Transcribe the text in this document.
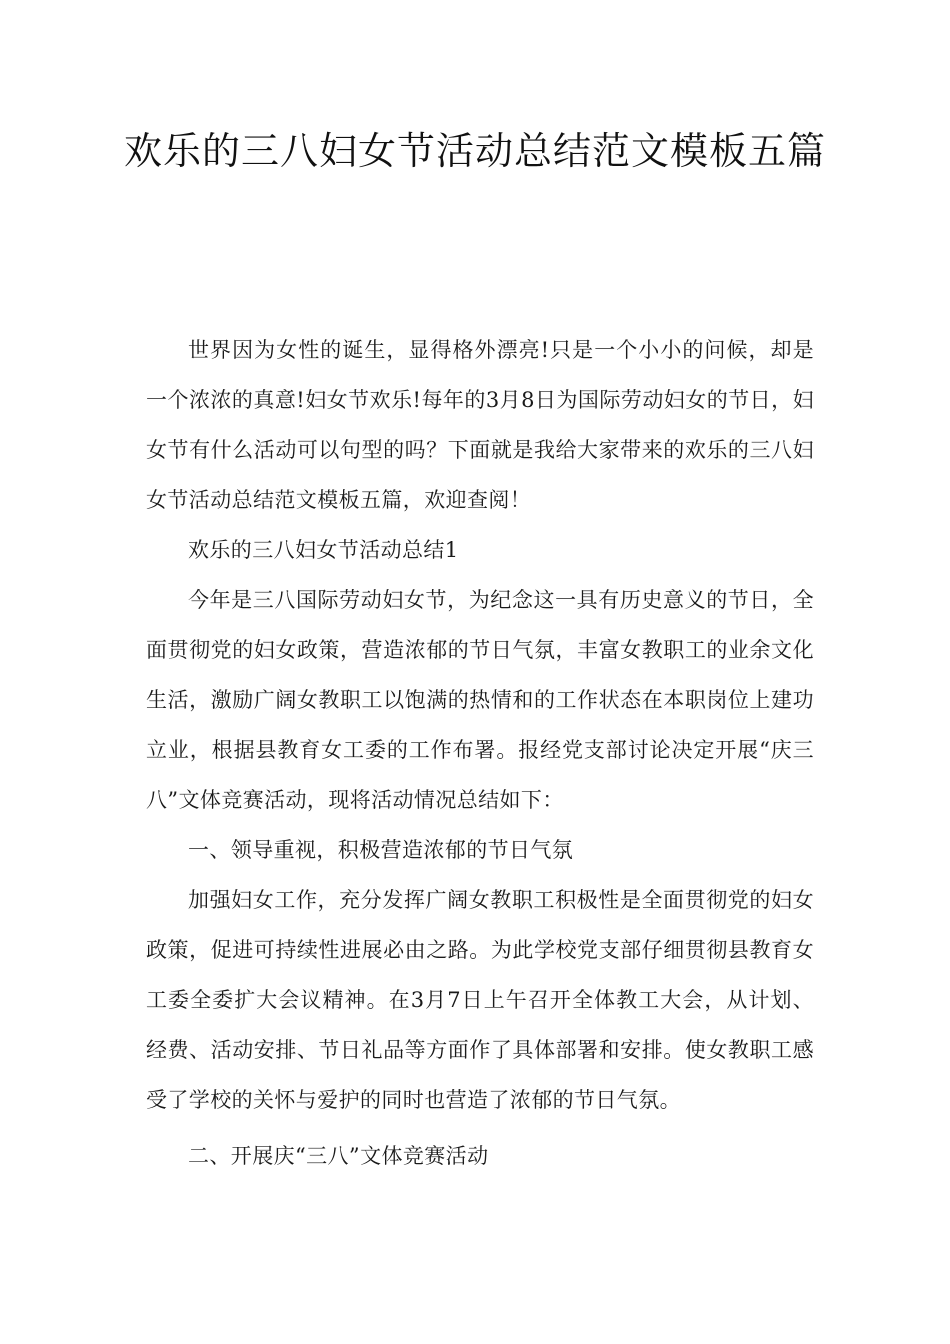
欢乐的三八妇女节活动总结范文模板五篇

世界因为女性的诞生，显得格外漂亮!只是一个小小的问候，却是一个浓浓的真意!妇女节欢乐!每年的3月8日为国际劳动妇女的节日，妇女节有什么活动可以句型的吗？下面就是我给大家带来的欢乐的三八妇女节活动总结范文模板五篇，欢迎查阅！

欢乐的三八妇女节活动总结1

今年是三八国际劳动妇女节，为纪念这一具有历史意义的节日，全面贯彻党的妇女政策，营造浓郁的节日气氛，丰富女教职工的业余文化生活，激励广阔女教职工以饱满的热情和的工作状态在本职岗位上建功立业，根据县教育女工委的工作布署。报经党支部讨论决定开展“庆三八”文体竞赛活动，现将活动情况总结如下：

一、领导重视，积极营造浓郁的节日气氛

加强妇女工作，充分发挥广阔女教职工积极性是全面贯彻党的妇女政策，促进可持续性进展必由之路。为此学校党支部仔细贯彻县教育女工委全委扩大会议精神。在3月7日上午召开全体教工大会，从计划、经费、活动安排、节日礼品等方面作了具体部署和安排。使女教职工感受了学校的关怀与爱护的同时也营造了浓郁的节日气氛。

二、开展庆“三八”文体竞赛活动
